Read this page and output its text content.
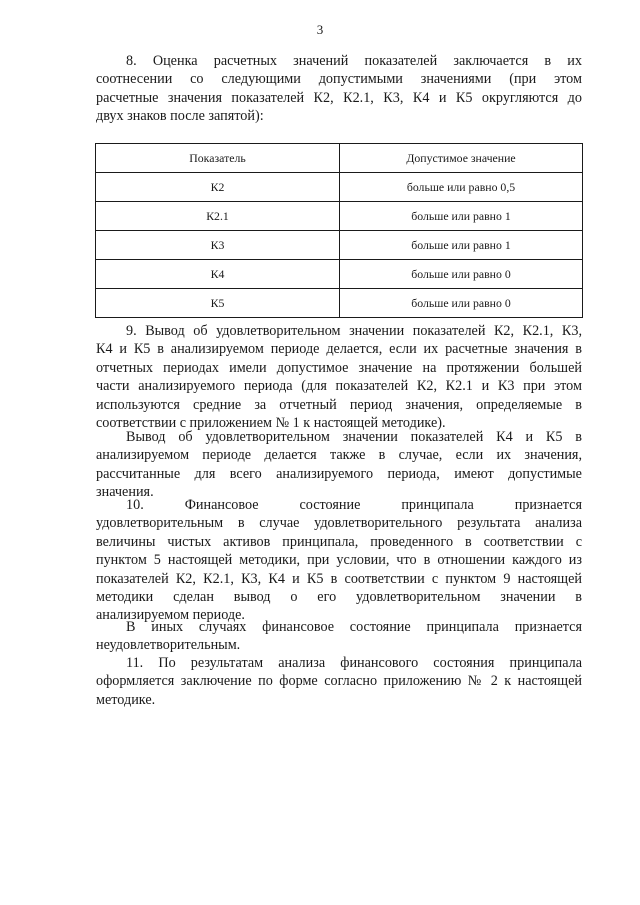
3
8. Оценка расчетных значений показателей заключается в их
соотнесении со следующими допустимыми значениями (при этом
расчетные значения показателей К2, К2.1, К3, К4 и К5 округляются до
двух знаков после запятой):
Показатель	Допустимое значение
К2	больше или равно 0,5
К2.1	больше или равно 1
К3	больше или равно 1
К4	больше или равно 0
К5	больше или равно 0
9. Вывод об удовлетворительном значении показателей К2, К2.1, К3,
К4 и К5 в анализируемом периоде делается, если их расчетные значения в
отчетных периодах имели допустимое значение на протяжении большей
части анализируемого периода (для показателей К2, К2.1 и К3 при этом
используются средние за отчетный период значения, определяемые в
соответствии с приложением № 1 к настоящей методике).
Вывод об удовлетворительном значении показателей К4 и К5 в
анализируемом периоде делается также в случае, если их значения,
рассчитанные для всего анализируемого периода, имеют допустимые
значения.
10. Финансовое состояние принципала признается
удовлетворительным в случае удовлетворительного результата анализа
величины чистых активов принципала, проведенного в соответствии с
пунктом 5 настоящей методики, при условии, что в отношении каждого из
показателей К2, К2.1, К3, К4 и К5 в соответствии с пунктом 9 настоящей
методики сделан вывод о его удовлетворительном значении в
анализируемом периоде.
В иных случаях финансовое состояние принципала признается
неудовлетворительным.
11. По результатам анализа финансового состояния принципала
оформляется заключение по форме согласно приложению № 2 к настоящей
методике.
